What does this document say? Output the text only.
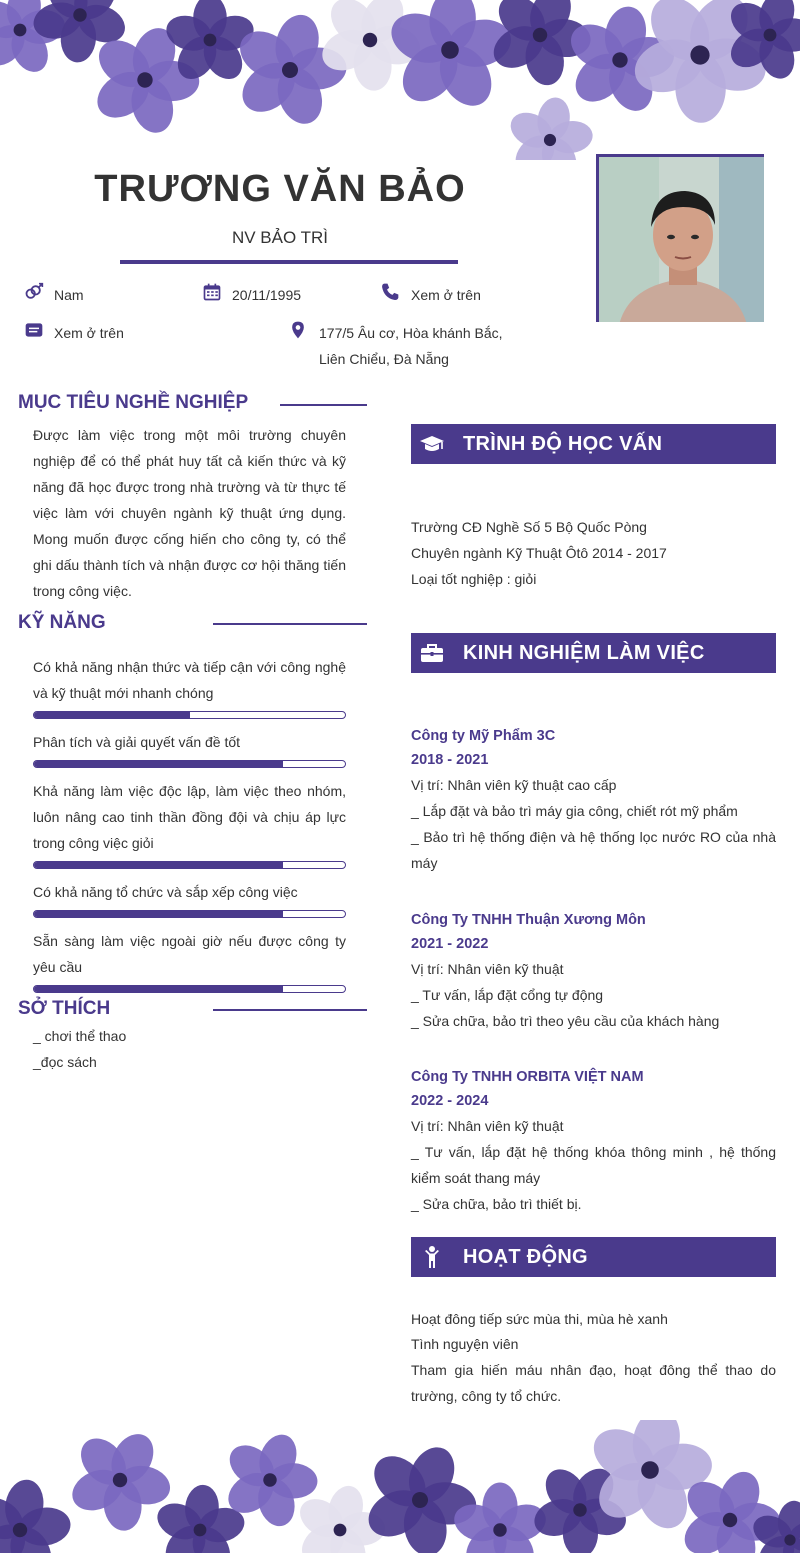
TRƯƠNG VĂN BẢO
NV BẢO TRÌ
Nam	20/11/1995	Xem ở trên
Xem ở trên	177/5 Âu cơ, Hòa khánh Bắc,
Liên Chiểu, Đà Nẵng
MỤC TIÊU NGHỀ NGHIỆP
Được làm việc trong một môi trường chuyên nghiệp để có thể phát huy tất cả kiến thức và kỹ năng đã học được trong nhà trường và từ thực tế việc làm với chuyên ngành kỹ thuật ứng dụng. Mong muốn được cống hiến cho công ty, có thể ghi dấu thành tích và nhận được cơ hội thăng tiến trong công việc.
KỸ NĂNG
Có khả năng nhận thức và tiếp cận với công nghệ và kỹ thuật mới nhanh chóng
Phân tích và giải quyết vấn đề tốt
Khả năng làm việc độc lập, làm việc theo nhóm, luôn nâng cao tinh thần đồng đội và chịu áp lực trong công việc giỏi
Có khả năng tổ chức và sắp xếp công việc
Sẵn sàng làm việc ngoài giờ nếu được công ty yêu cầu
SỞ THÍCH
_ chơi thể thao
_đọc sách
TRÌNH ĐỘ HỌC VẤN
Trường CĐ Nghề Số 5 Bộ Quốc Pòng
Chuyên ngành Kỹ Thuật Ôtô 2014 - 2017
Loại tốt nghiệp : giỏi
KINH NGHIỆM LÀM VIỆC
Công ty Mỹ Phẩm 3C
2018 - 2021
Vị trí: Nhân viên kỹ thuật cao cấp
_ Lắp đặt và bảo trì máy gia công, chiết rót mỹ phẩm
_ Bảo trì hệ thống điện và hệ thống lọc nước RO của nhà máy
Công Ty TNHH Thuận Xương Môn
2021 - 2022
Vị trí: Nhân viên kỹ thuật
_ Tư vấn, lắp đặt cổng tự động
_ Sửa chữa, bảo trì theo yêu cầu của khách hàng
Công Ty TNHH ORBITA VIỆT NAM
2022 - 2024
Vị trí: Nhân viên kỹ thuật
_ Tư vấn, lắp đặt hệ thống khóa thông minh , hệ thống kiểm soát thang máy
_ Sửa chữa, bảo trì thiết bị.
HOẠT ĐỘNG
Hoạt đông tiếp sức mùa thi, mùa hè xanh
Tình nguyện viên
Tham gia hiến máu nhân đạo, hoạt đông thể thao do trường, công ty tổ chức.
